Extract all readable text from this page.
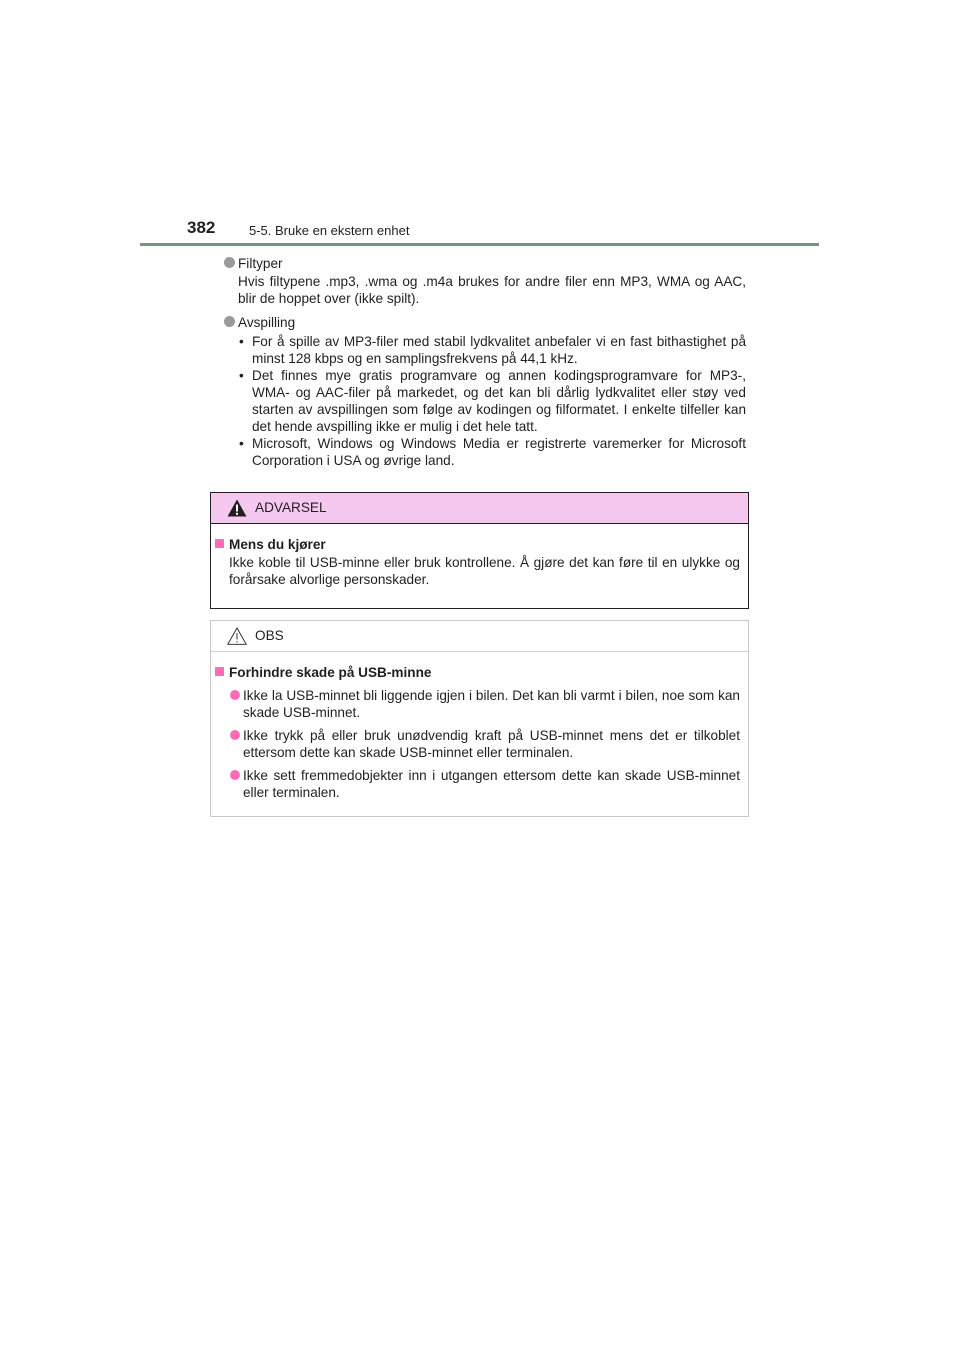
382	5-5. Bruke en ekstern enhet
Filtyper
Hvis filtypene .mp3, .wma og .m4a brukes for andre filer enn MP3, WMA og AAC, blir de hoppet over (ikke spilt).
Avspilling
• For å spille av MP3-filer med stabil lydkvalitet anbefaler vi en fast bithastighet på minst 128 kbps og en samplingsfrekvens på 44,1 kHz.
• Det finnes mye gratis programvare og annen kodingsprogramvare for MP3-, WMA- og AAC-filer på markedet, og det kan bli dårlig lydkvalitet eller støy ved starten av avspillingen som følge av kodingen og filformatet. I enkelte tilfeller kan det hende avspilling ikke er mulig i det hele tatt.
• Microsoft, Windows og Windows Media er registrerte varemerker for Microsoft Corporation i USA og øvrige land.
ADVARSEL
Mens du kjører
Ikke koble til USB-minne eller bruk kontrollene. Å gjøre det kan føre til en ulykke og forårsake alvorlige personskader.
OBS
Forhindre skade på USB-minne
Ikke la USB-minnet bli liggende igjen i bilen. Det kan bli varmt i bilen, noe som kan skade USB-minnet.
Ikke trykk på eller bruk unødvendig kraft på USB-minnet mens det er tilkoblet ettersom dette kan skade USB-minnet eller terminalen.
Ikke sett fremmedobjekter inn i utgangen ettersom dette kan skade USB-minnet eller terminalen.
